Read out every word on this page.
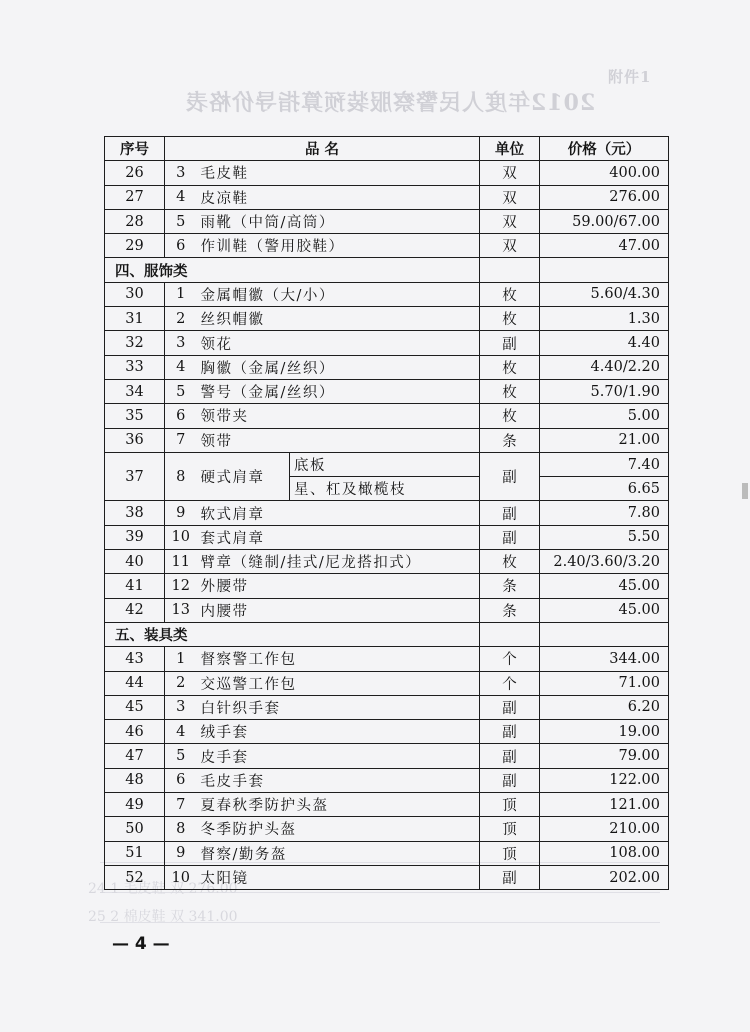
附件1
2012年度人民警察服装预算指导价格表
24 1 毛皮鞋 双 276.00
25 2 棉皮鞋 双 341.00
序号	品 名			单位	价格（元）
26	3	毛皮鞋		双	400.00
27	4	皮凉鞋		双	276.00
28	5	雨靴（中筒/高筒）		双	59.00/67.00
29	6	作训鞋（警用胶鞋）		双	47.00
四、服饰类					
30	1	金属帽徽（大/小）		枚	5.60/4.30
31	2	丝织帽徽		枚	1.30
32	3	领花		副	4.40
33	4	胸徽（金属/丝织）		枚	4.40/2.20
34	5	警号（金属/丝织）		枚	5.70/1.90
35	6	领带夹		枚	5.00
36	7	领带		条	21.00
37	8	硬式肩章	底板	副	7.40
			星、杠及橄榄枝		6.65
38	9	软式肩章		副	7.80
39	10	套式肩章		副	5.50
40	11	臂章（缝制/挂式/尼龙搭扣式）		枚	2.40/3.60/3.20
41	12	外腰带		条	45.00
42	13	内腰带		条	45.00
五、装具类					
43	1	督察警工作包		个	344.00
44	2	交巡警工作包		个	71.00
45	3	白针织手套		副	6.20
46	4	绒手套		副	19.00
47	5	皮手套		副	79.00
48	6	毛皮手套		副	122.00
49	7	夏春秋季防护头盔		顶	121.00
50	8	冬季防护头盔		顶	210.00
51	9	督察/勤务盔		顶	108.00
52	10	太阳镜		副	202.00
— 4 —
